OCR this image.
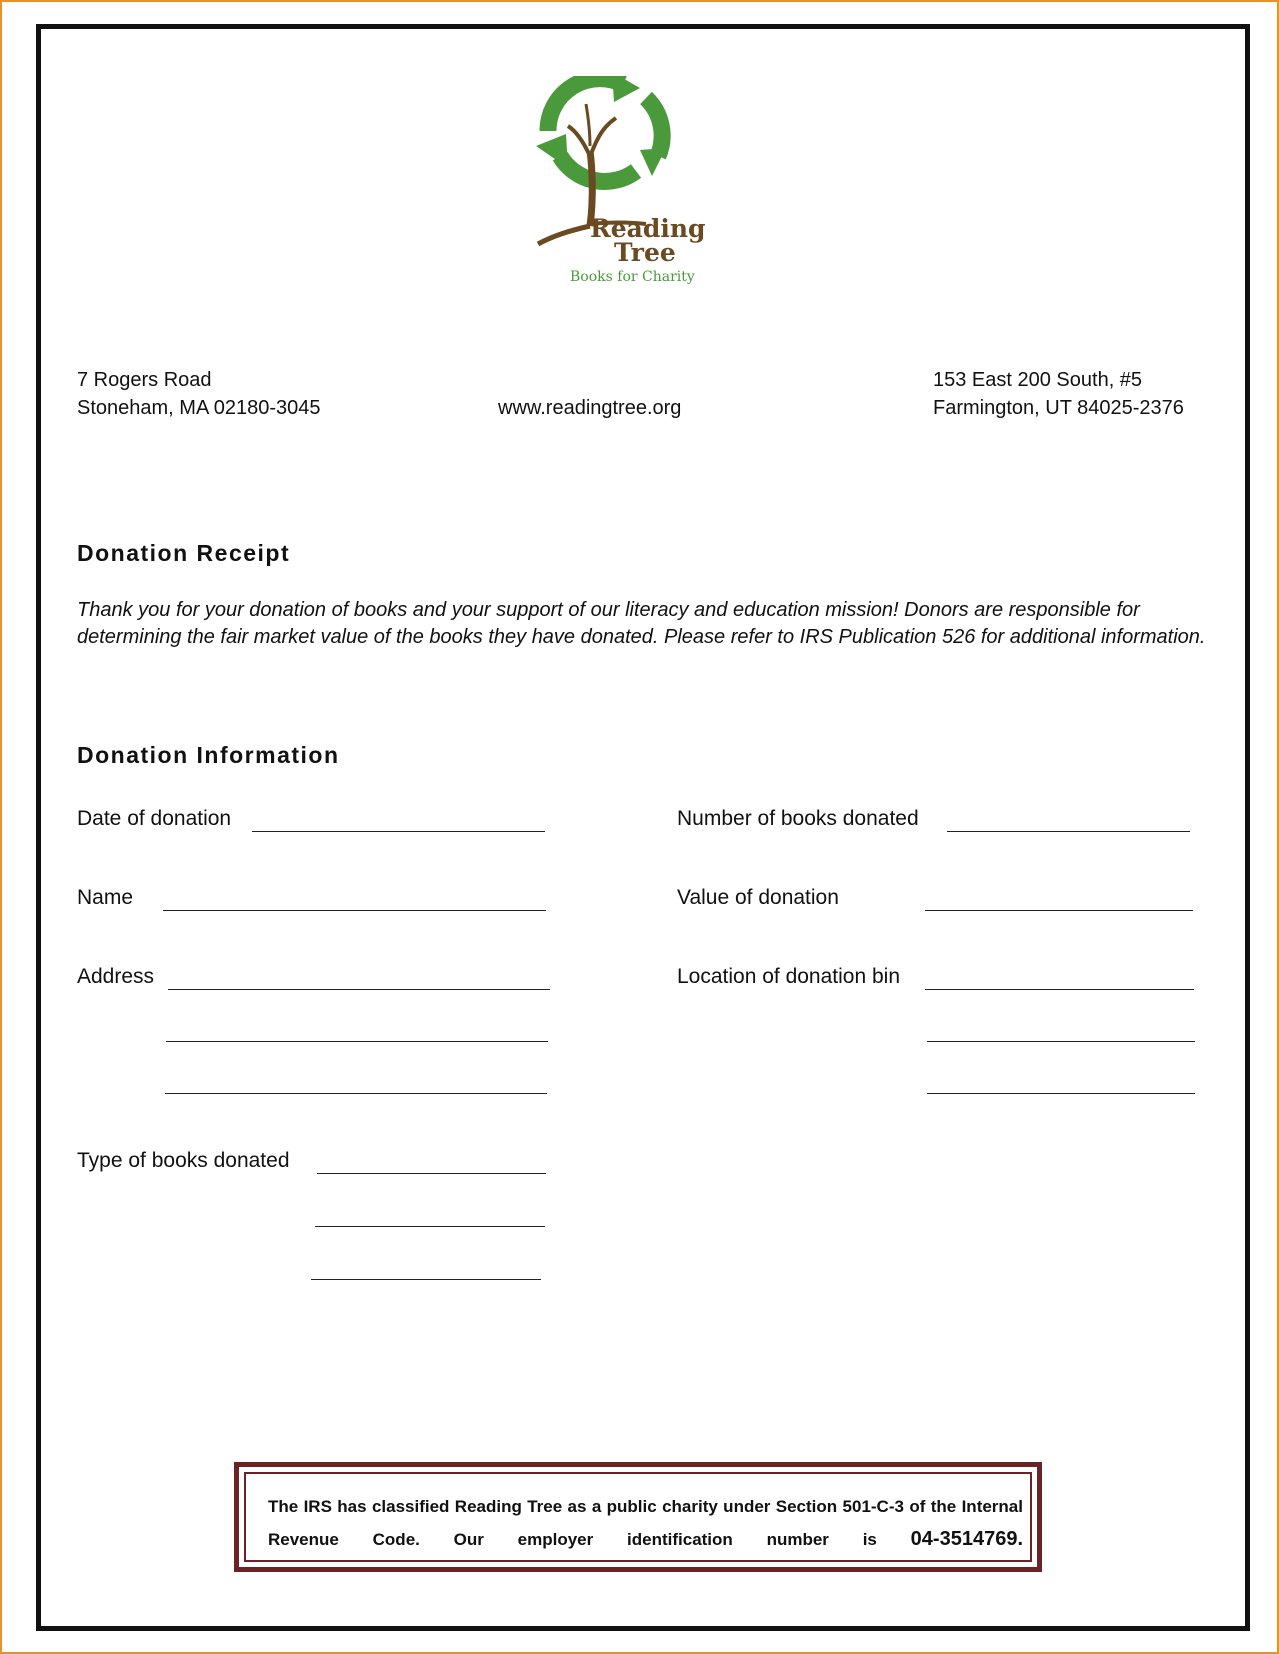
Reading
Tree
Books for Charity
7 Rogers Road
Stoneham, MA 02180-3045	www.readingtree.org
153 East 200 South, #5
Farmington, UT 84025-2376
Donation Receipt
Thank you for your donation of books and your support of our literacy and education mission! Donors are responsible for determining the fair market value of the books they have donated. Please refer to IRS Publication 526 for additional information.
Donation Information
Date of donation
Name
Address
Type of books donated
Number of books donated
Value of donation
Location of donation bin
The IRS has classified Reading Tree as a public charity under Section 501-C-3 of the Internal Revenue Code. Our employer identification number is 04-3514769.
